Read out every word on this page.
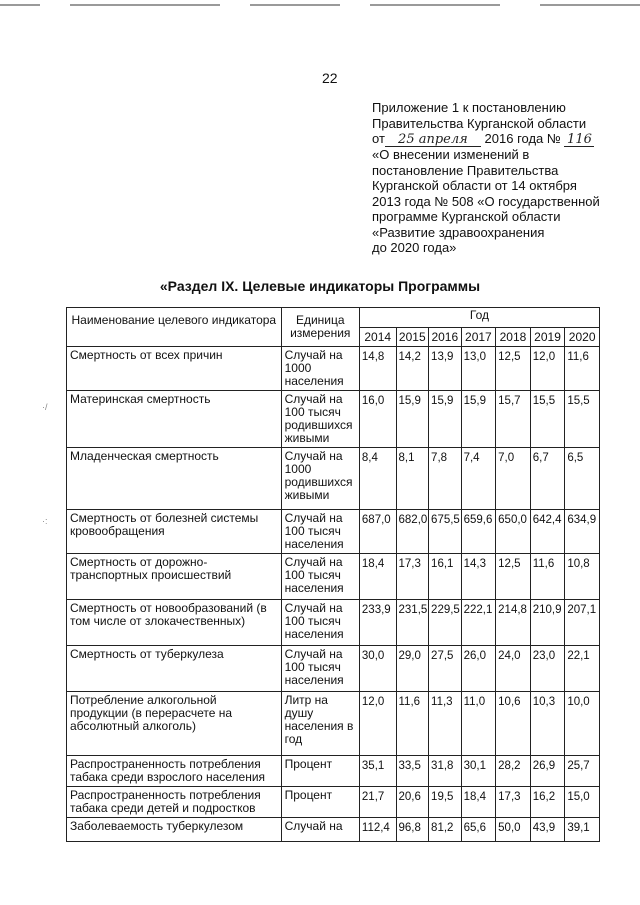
22
Приложение 1 к постановлению
Правительства Курганской области
от 25 апреля 2016 года № 116
«О внесении изменений в
постановление Правительства
Курганской области от 14 октября
2013 года № 508 «О государственной
программе Курганской области
«Развитие здравоохранения
до 2020 года»
«Раздел IX. Целевые индикаторы Программы
·/
·:
Наименование целевого индикатора	Единица измерения	Год						
		2014	2015	2016	2017	2018	2019	2020
Смертность от всех причин	Случай на 1000 населения	14,8	14,2	13,9	13,0	12,5	12,0	11,6
Материнская смертность	Случай на 100 тысяч родившихся живыми	16,0	15,9	15,9	15,9	15,7	15,5	15,5
Младенческая смертность	Случай на 1000 родившихся живыми	8,4	8,1	7,8	7,4	7,0	6,7	6,5
Смертность от болезней системы кровообращения	Случай на 100 тысяч населения	687,0	682,0	675,5	659,6	650,0	642,4	634,9
Смертность от дорожно-транспортных происшествий	Случай на 100 тысяч населения	18,4	17,3	16,1	14,3	12,5	11,6	10,8
Смертность от новообразований (в том числе от злокачественных)	Случай на 100 тысяч населения	233,9	231,5	229,5	222,1	214,8	210,9	207,1
Смертность от туберкулеза	Случай на 100 тысяч населения	30,0	29,0	27,5	26,0	24,0	23,0	22,1
Потребление алкогольной продукции (в перерасчете на абсолютный алкоголь)	Литр на душу населения в год	12,0	11,6	11,3	11,0	10,6	10,3	10,0
Распространенность потребления табака среди взрослого населения	Процент	35,1	33,5	31,8	30,1	28,2	26,9	25,7
Распространенность потребления табака среди детей и подростков	Процент	21,7	20,6	19,5	18,4	17,3	16,2	15,0
Заболеваемость туберкулезом	Случай на	112,4	96,8	81,2	65,6	50,0	43,9	39,1
